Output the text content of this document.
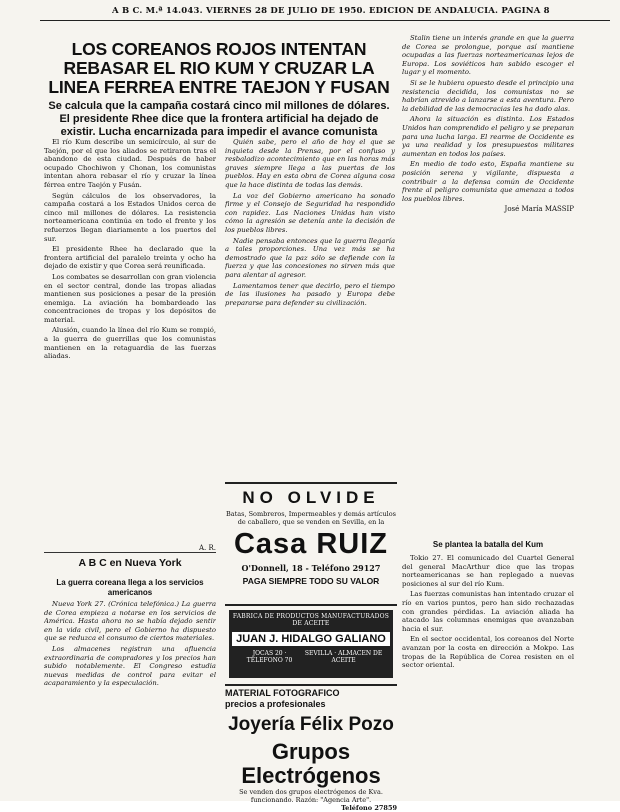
A B C. M.ª 14.043. VIERNES 28 DE JULIO DE 1950. EDICION DE ANDALUCIA. PAGINA 8
LOS COREANOS ROJOS INTENTAN REBASAR EL RIO KUM Y CRUZAR LA LINEA FERREA ENTRE TAEJON Y FUSAN
Se calcula que la campaña costará cinco mil millones de dólares. El presidente Rhee dice que la frontera artificial ha dejado de existir. Lucha encarnizada para impedir el avance comunista

El río Kum describe un semicírculo, al sur de Taejón, por el que los aliados se retiraron tras el abandono de esta ciudad. Después de haber ocupado Chochiwon y Chonan, los comunistas intentan ahora rebasar el río y cruzar la línea férrea entre Taejón y Fusán.

Según cálculos de los observadores, la campaña costará a los Estados Unidos cerca de cinco mil millones de dólares. La resistencia norteamericana continúa en todo el frente y los refuerzos llegan diariamente a los puertos del sur.

El presidente Rhee ha declarado que la frontera artificial del paralelo treinta y ocho ha dejado de existir y que Corea será reunificada.

Los combates se desarrollan con gran violencia en el sector central, donde las tropas aliadas mantienen sus posiciones a pesar de la presión enemiga. La aviación ha bombardeado las concentraciones de tropas y los depósitos de material.

Alusión, cuando la línea del río Kum se rompió, a la guerra de guerrillas que los comunistas mantienen en la retaguardia de las fuerzas aliadas.

A. R.
A B C en Nueva York
La guerra coreana llega a los servicios americanos

Nueva York 27. (Crónica telefónica.) La guerra de Corea empieza a notarse en los servicios de América. Hasta ahora no se había dejado sentir en la vida civil, pero el Gobierno ha dispuesto que se reduzca el consumo de ciertos materiales.

Los almacenes registran una afluencia extraordinaria de compradores y los precios han subido notablemente. El Congreso estudia nuevas medidas de control para evitar el acaparamiento y la especulación.

Quién sabe, pero el año de hoy el que se inquieta desde la Prensa, por el confuso y resbaladizo acontecimiento que en las horas más graves siempre llega a las puertas de los pueblos. Hay en esta obra de Corea alguna cosa que la hace distinta de todas las demás.

La voz del Gobierno americano ha sonado firme y el Consejo de Seguridad ha respondido con rapidez. Las Naciones Unidas han visto cómo la agresión se detenía ante la decisión de los pueblos libres.

Nadie pensaba entonces que la guerra llegaría a tales proporciones. Una vez más se ha demostrado que la paz sólo se defiende con la fuerza y que las concesiones no sirven más que para alentar al agresor.

Lamentamos tener que decirlo, pero el tiempo de las ilusiones ha pasado y Europa debe prepararse para defender su civilización.

Stalin tiene un interés grande en que la guerra de Corea se prolongue, porque así mantiene ocupadas a las fuerzas norteamericanas lejos de Europa. Los soviéticos han sabido escoger el lugar y el momento.

Si se le hubiera opuesto desde el principio una resistencia decidida, los comunistas no se habrían atrevido a lanzarse a esta aventura. Pero la debilidad de las democracias les ha dado alas.

Ahora la situación es distinta. Los Estados Unidos han comprendido el peligro y se preparan para una lucha larga. El rearme de Occidente es ya una realidad y los presupuestos militares aumentan en todos los países.

En medio de todo esto, España mantiene su posición serena y vigilante, dispuesta a contribuir a la defensa común de Occidente frente al peligro comunista que amenaza a todos los pueblos libres.

José María MASSIP
Se plantea la batalla del Kum

Tokio 27. El comunicado del Cuartel General del general MacArthur dice que las tropas norteamericanas se han replegado a nuevas posiciones al sur del río Kum.

Las fuerzas comunistas han intentado cruzar el río en varios puntos, pero han sido rechazadas con grandes pérdidas. La aviación aliada ha atacado las columnas enemigas que avanzaban hacia el sur.

En el sector occidental, los coreanos del Norte avanzan por la costa en dirección a Mokpo. Las tropas de la República de Corea resisten en el sector oriental.

NO OLVIDE
Batas, Sombreros, Impermeables y demás artículos de caballero, que se venden en Sevilla, en la
Casa RUIZ
O'Donnell, 18 - Teléfono 29127
PAGA SIEMPRE TODO SU VALOR
FABRICA DE PRODUCTOS MANUFACTURADOS DE ACEITE
JUAN J. HIDALGO GALIANO
JOCAS 20 · TELEFONO 70
SEVILLA · ALMACEN DE ACEITE
MATERIAL FOTOGRAFICO
precios a profesionales
Joyería Félix Pozo
Grupos Electrógenos
Se venden dos grupos electrógenos de Kva. funcionando. Razón: "Agencia Arte".
Teléfono 27859
